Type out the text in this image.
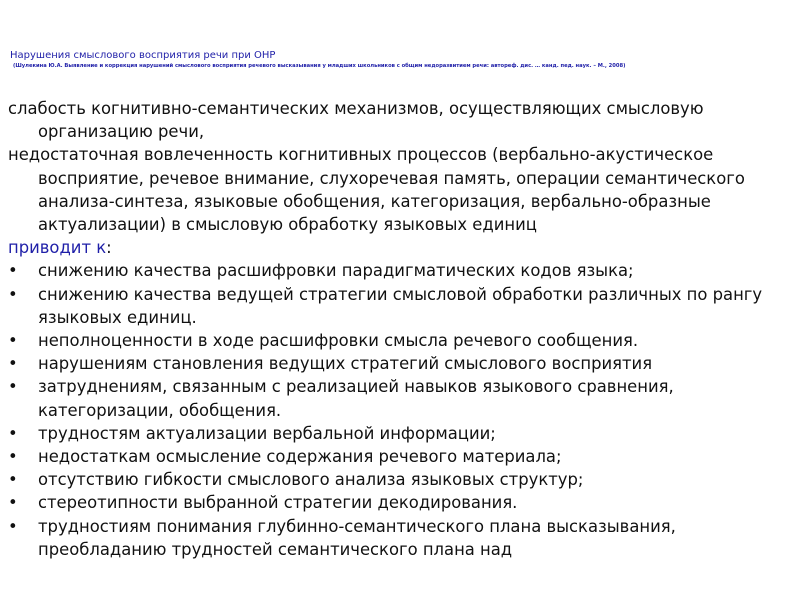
Нарушения смыслового восприятия речи при ОНР
(Шулекина Ю.А. Выявление и коррекция нарушений смыслового восприятия речевого высказывания у младших школьников с общим недоразвитием речи: автореф. дис. … канд. пед. наук. – М., 2008)

слабость когнитивно-семантических механизмов, осуществляющих смысловую организацию речи,

недостаточная вовлеченность когнитивных процессов (вербально-акустическое восприятие, речевое внимание, слухоречевая память, операции семантического анализа-синтеза, языковые обобщения, категоризация, вербально-образные актуализации) в смысловую обработку языковых единиц

приводит к:

• снижению качества расшифровки парадигматических кодов языка;
• снижению качества ведущей стратегии смысловой обработки различных по рангу языковых единиц.
• неполноценности в ходе расшифровки смысла речевого сообщения.
• нарушениям становления ведущих стратегий смыслового восприятия
• затруднениям, связанным с реализацией навыков языкового сравнения, категоризации, обобщения.
• трудностям актуализации вербальной информации;
• недостаткам осмысление содержания речевого материала;
• отсутствию гибкости смыслового анализа языковых структур;
• стереотипности выбранной стратегии декодирования.
• трудностиям понимания глубинно-семантического плана высказывания, преобладанию трудностей семантического плана над
